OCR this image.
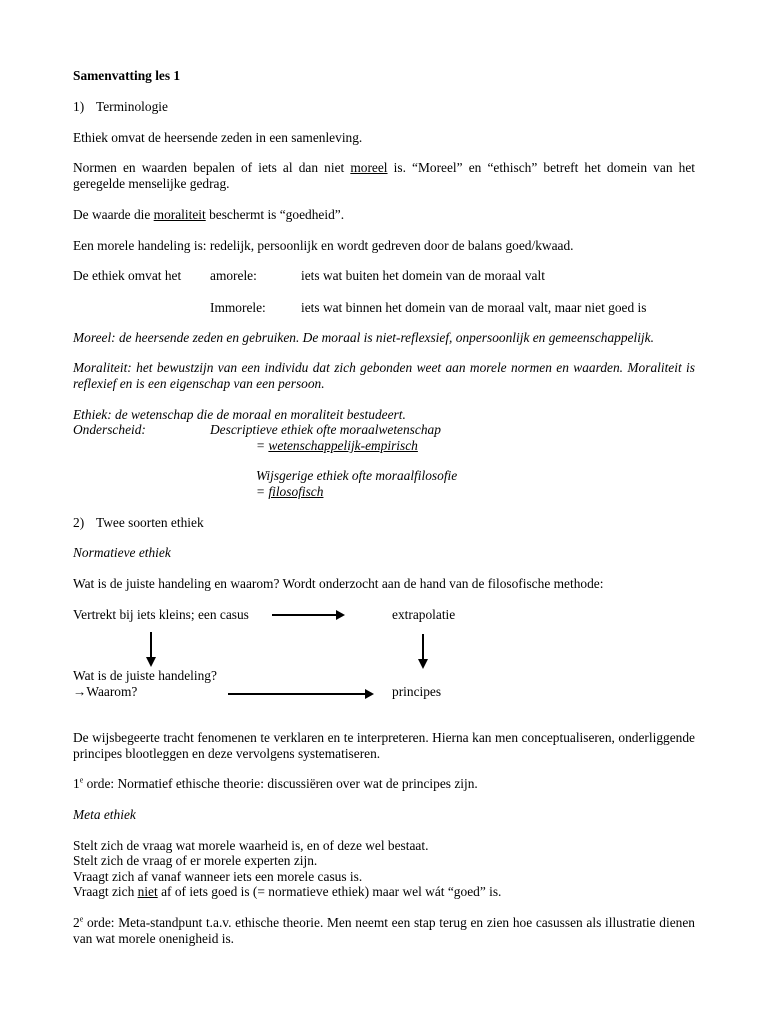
Samenvatting les 1
1) Terminologie
Ethiek omvat de heersende zeden in een samenleving.
Normen en waarden bepalen of iets al dan niet moreel is. “Moreel” en “ethisch” betreft het domein van het geregelde menselijke gedrag.
De waarde die moraliteit beschermt is “goedheid”.
Een morele handeling is: redelijk, persoonlijk en wordt gedreven door de balans goed/kwaad.
De ethiek omvat het amorele:	iets wat buiten het domein van de moraal valt
Immorele:	iets wat binnen het domein van de moraal valt, maar niet goed is
Moreel: de heersende zeden en gebruiken. De moraal is niet-reflexsief, onpersoonlijk en gemeenschappelijk.
Moraliteit: het bewustzijn van een individu dat zich gebonden weet aan morele normen en waarden. Moraliteit is reflexief en is een eigenschap van een persoon.
Ethiek: de wetenschap die de moraal en moraliteit bestudeert.
Onderscheid:	Descriptieve ethiek ofte moraalwetenschap
= wetenschappelijk-empirisch
Wijsgerige ethiek ofte moraalfilosofie
= filosofisch
2) Twee soorten ethiek
Normatieve ethiek
Wat is de juiste handeling en waarom? Wordt onderzocht aan de hand van de filosofische methode:
Vertrekt bij iets kleins; een casus	extrapolatie
Wat is de juiste handeling?
→Waarom?	principes
De wijsbegeerte tracht fenomenen te verklaren en te interpreteren. Hierna kan men conceptualiseren, onderliggende principes blootleggen en deze vervolgens systematiseren.
1e orde: Normatief ethische theorie: discussiëren over wat de principes zijn.
Meta ethiek
Stelt zich de vraag wat morele waarheid is, en of deze wel bestaat.
Stelt zich de vraag of er morele experten zijn.
Vraagt zich af vanaf wanneer iets een morele casus is.
Vraagt zich niet af of iets goed is (= normatieve ethiek) maar wel wát “goed” is.
2e orde: Meta-standpunt t.a.v. ethische theorie. Men neemt een stap terug en zien hoe casussen als illustratie dienen van wat morele onenigheid is.
